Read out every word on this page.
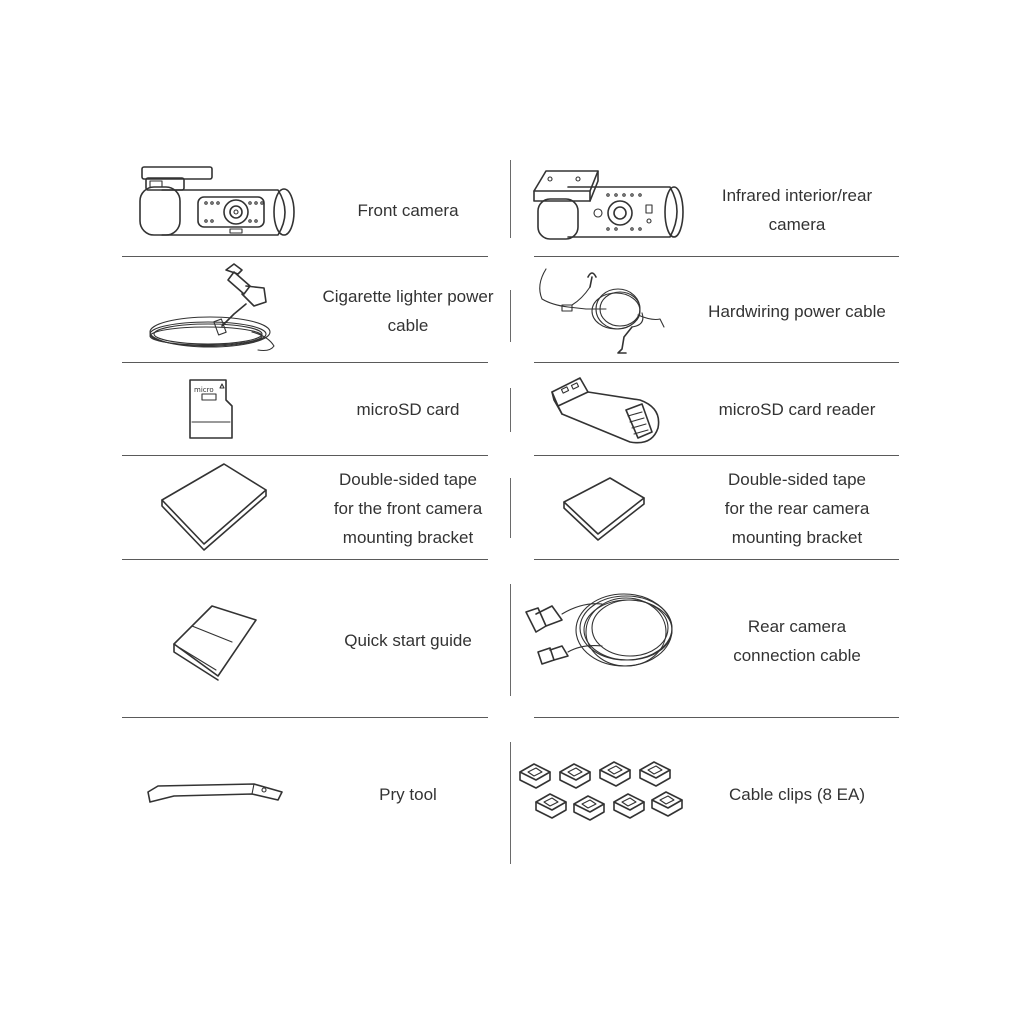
Front camera
Infrared interior/rear
camera
Cigarette lighter power
cable
Hardwiring power cable
microSD card	microSD card reader
Double-sided tape
for the front camera
mounting bracket
Double-sided tape
for the rear camera
mounting bracket
Quick start guide
Rear camera
connection cable
Pry tool	Cable clips (8 EA)
micro
